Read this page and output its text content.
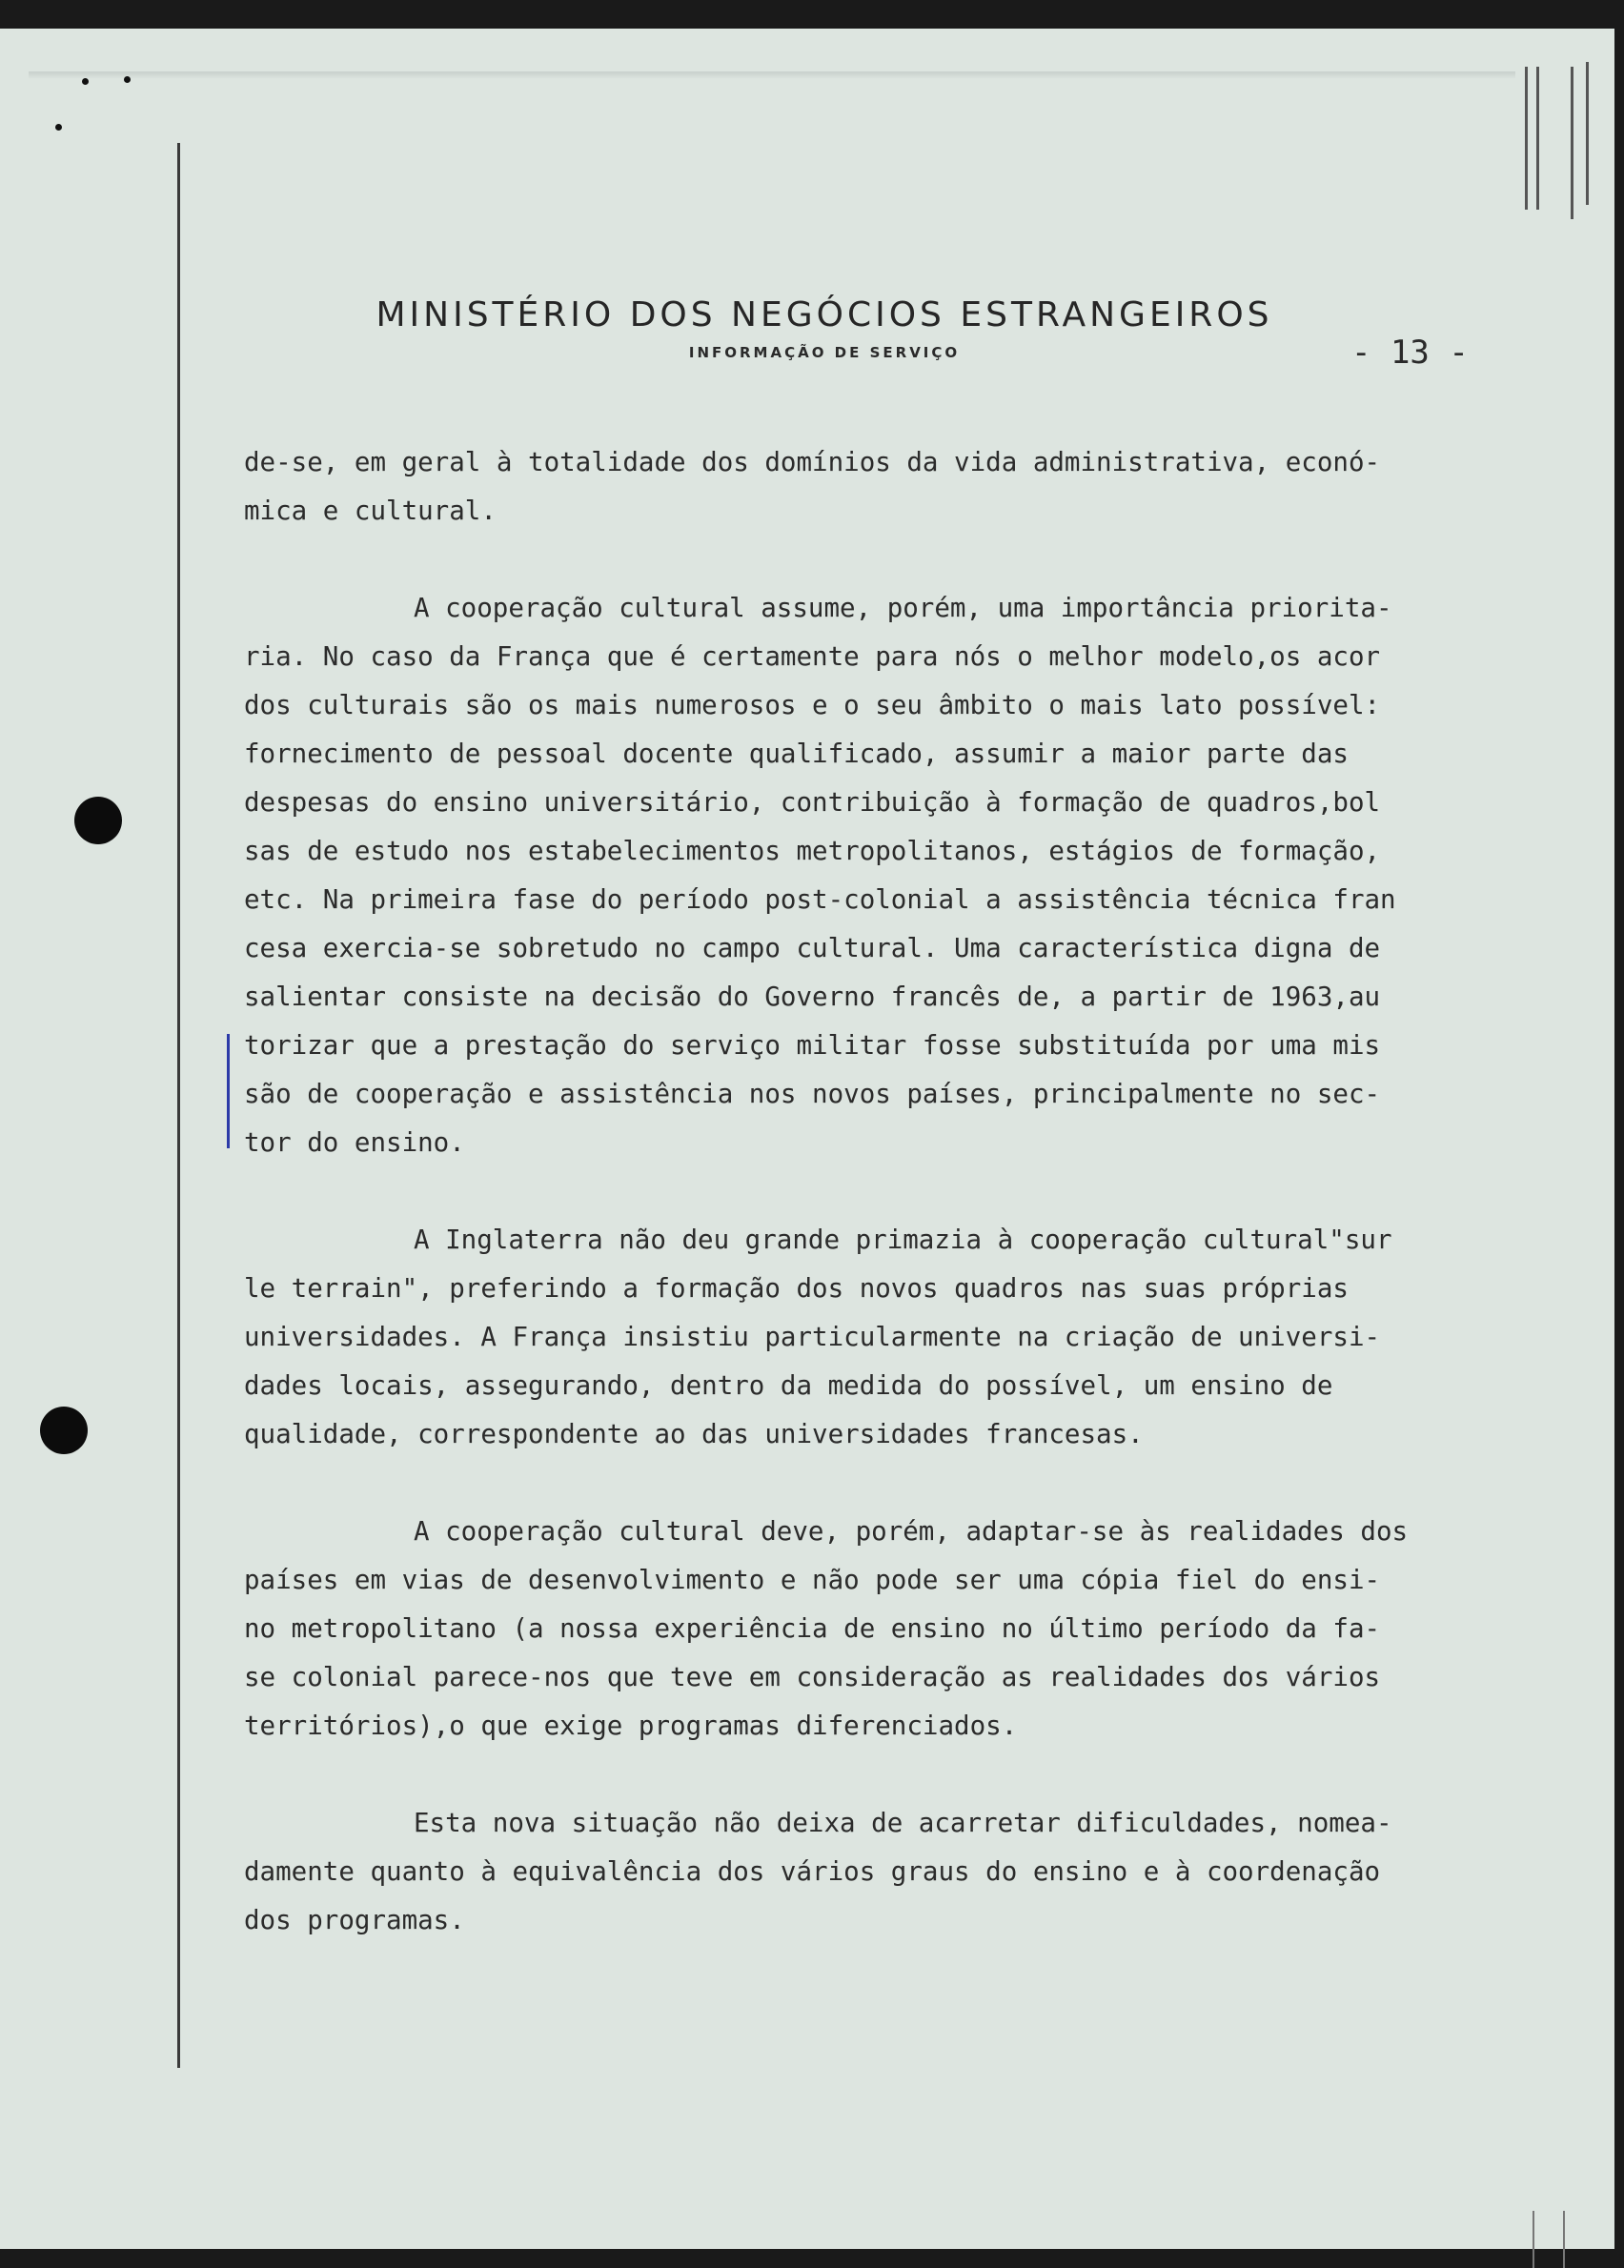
MINISTÉRIO DOS NEGÓCIOS ESTRANGEIROS
INFORMAÇÃO DE SERVIÇO	- 13 -
de-se, em geral à totalidade dos domínios da vida administrativa, econó-
mica e cultural.
A cooperação cultural assume, porém, uma importância priorita-
ria. No caso da França que é certamente para nós o melhor modelo,os acor
dos culturais são os mais numerosos e o seu âmbito o mais lato possível:
fornecimento de pessoal docente qualificado, assumir a maior parte das
despesas do ensino universitário, contribuição à formação de quadros,bol
sas de estudo nos estabelecimentos metropolitanos, estágios de formação,
etc. Na primeira fase do período post-colonial a assistência técnica fran
cesa exercia-se sobretudo no campo cultural. Uma característica digna de
salientar consiste na decisão do Governo francês de, a partir de 1963,au
torizar que a prestação do serviço militar fosse substituída por uma mis
são de cooperação e assistência nos novos países, principalmente no sec-
tor do ensino.
A Inglaterra não deu grande primazia à cooperação cultural"sur
le terrain", preferindo a formação dos novos quadros nas suas próprias
universidades. A França insistiu particularmente na criação de universi-
dades locais, assegurando, dentro da medida do possível, um ensino de
qualidade, correspondente ao das universidades francesas.
A cooperação cultural deve, porém, adaptar-se às realidades dos
países em vias de desenvolvimento e não pode ser uma cópia fiel do ensi-
no metropolitano (a nossa experiência de ensino no último período da fa-
se colonial parece-nos que teve em consideração as realidades dos vários
territórios),o que exige programas diferenciados.
Esta nova situação não deixa de acarretar dificuldades, nomea-
damente quanto à equivalência dos vários graus do ensino e à coordenação
dos programas.
